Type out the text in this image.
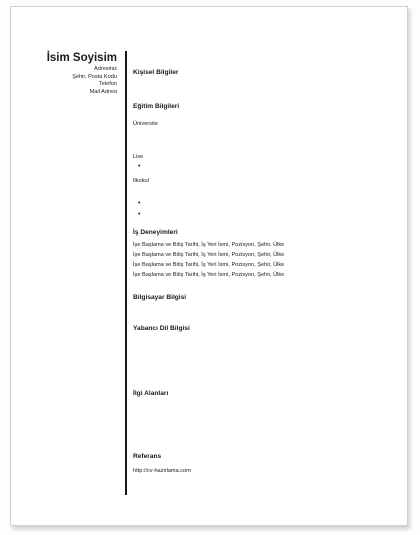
İsim Soyisim
Adresiniz
Şehir, Posta Kodu
Telefon
Mail Adresi
Kişisel Bilgiler
Eğitim Bilgileri
Üniversite
Lise
•
İlkokul
•
•
İş Deneyimleri
İşe Başlama ve Bitiş Tarihi, İş Yeri İsmi, Pozisyon, Şehir, Ülke
İşe Başlama ve Bitiş Tarihi, İş Yeri İsmi, Pozisyon, Şehir, Ülke
İşe Başlama ve Bitiş Tarihi, İş Yeri İsmi, Pozisyon, Şehir, Ülke
İşe Başlama ve Bitiş Tarihi, İş Yeri İsmi, Pozisyon, Şehir, Ülke
Bilgisayar Bilgisi
Yabancı Dil Bilgisi
İlgi Alanları
Referans
http://cv-hazirlama.com
